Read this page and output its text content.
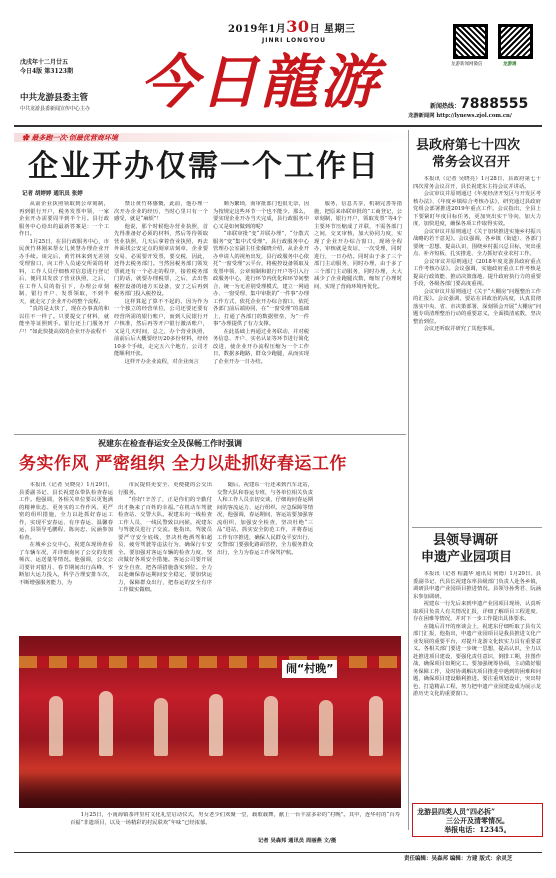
2019年1月30日 星期三
JINRI LONGYOU
龙游新闻网微信	龙游通
戊戌年十二月廿五
今日4版 第3123期
中共龙游县委主管
中共龙游县委新闻宣传中心主办 今日龍游	新闻热线：7888555
龙游新闻网 http://lynews.zjol.com.cn/
✿ 最多跑一次·创最优营商环境
企业开办仅需一个工作日
记者 胡婷婷 通讯员 张婷

从前企业执照领取到公章刻制，再到银行开户，税务发票申领，一家企业开办需要周半到半个月。县行政服务中心给出的最新答案是：一个工作日。

1月25日，在县行政服务中心，市民黄竹林刚来帮女儿黄慧办理企业开办手续。谈完后，黄竹林来到无差别受理窗口，向工作人员递交所需的材料，工作人员仔细核对信息进行登记后，便同其发放了营业执照，之后，在工作人员的指引下，办理公章刻制、银行开户、发票领取，不到半天，就走完了企业开办的整个流程。

“真的是太快了，现在办事真的和以往不一样了。只要提交了材料，就能坐等证照到手。银行还上门服务开户！”如此快捷高效的企业开办流程不

禁让黄竹林感慨，此前，他办理一次开办企业的经历，当时心里只有一个感受，就是“麻烦”！

他说，那个时候他办营业执照，首先得准备好必须的材料，然后等待领取营业执照，几天后拿着营业执照，再去外面找公安定点的刻章店刻章，企业要交易，必需要开发票，要交税，因此，还得去税务部门。当然因税务部门领发票就还有一个必走的程序，接着税务部门的话，就要办理税票，之后，去出售税控设备的地方买设备，安了之后再到税务部门投入税控设。

这样算起了算不不起的，因为作为一个独立的经营单位，公司还要还要有经营所需的银行账户，而到人民银行开户核准，然后再等开户银行激活账户，又是几天时间，总之，办个营业执照，前前后后大概要经历20多份材料，经经10多个手续，走完五六个地方，公司才能顺利开张。

这样开办企业流程，对企业而言

颇为繁琐，而审批部门也很无奈，因为按规定这些环节一个也不能少。那么，要实现企业开办当天完成，县行政服务中心又是如何做到的呢？

“串联审批”变“并联办理”，“分散式服务”变“集中式受理”。县行政服务中心管理办公室副主任张佩晓介绍，从企业开办申请人的视角出发，县行政服务中心依托“一窗受理”云平台，将税控设备领取及发票申领、公章刻制和银行开户等引入行政服务中心，进行环节内优化和环节间整合，统一为无差别受理模式，建立一网通办、一窗受理、集中审批的“一件事”办理工作方式，依托企业开办综合窗口，依托各部门前后端协同，在“一窗受理”的基础上，打通了各部门的数据壁垒，为”一件事”办理提供了有力支撑。

在此基础上再通过业务联动，并对税务信息、开户、实名认证等环节进行简化改进，使企业开办流程压缩为一个工作日，数据多跑路，群众少跑腿，从而实现了企业开办一日办结。

服务，信息共享，机制完善等措施，把原来串联审批的”工商登记，公章刻制，银行开户，领取发票”等4个主要环节压缩成了并联，不需各部门之间，交叉审核，加大协同力度，实现了企业开办综合窗口，现场全程办，审核就是发证，一次受理，同时进行，一日办结。同时由于多了三个部门主动服务，同时办理，由于多了三个部门主动服务，同时办理，大大减少了企业跑腿次数，缩短了办理时间，实现了营商环境再优化。

祝建东在检查春运安全及保畅工作时强调
务实作风 严密组织 全力以赴抓好春运工作

本报讯（记者 吴晓亮）1月29日，县委副书记、县长祝建东带队检查春运工作。他强调，各相关单位要以更饱满的精神状态、更务实的工作作风、更严密的组织措施，全力以赴抓好春运工作，实现平安春运、有序春运、温馨春运，县领导毛鹏程、陈向忠、民涵参加检查。

在城乡公交中心，祝建东现场查看了车辆车况，并详细询问了公交的发班频次、运送量等情况。他强调，公交公司要针对腊月、春节期间出行高峰，不断加大运力投入，科学合理安排车次，不断增强服务能力，为

市民提供更安全、更便捷的公交出行服务。

“你好!辛苦了，正是你们的辛勤付出才换来了百姓的幸福。”在机动车驾驶检查站、交警大队。祝建东向一线检查工作人员，一线民警致以问候。祝建东与驾驶员进行了交流。他指出，驾驶员要严守安全底线，坚决杜绝酒驾和超员、疲劳驾驶等违法行为，确保行车安全。要加强对客运车辆的检查力度，坚决做好各项安全措施。客运公司要开展安全自查，把各项措施落实到位。全力以赴确保春运期间安全稳定，要加快运力，保障群众出行，把春运的安全有序工作做实做细。

随后，祝建东一行还来到汽车北站，交警大队和春运专班，与各单位相关负责人和工作人员亲切交谈，仔细询问春运期间的客流运力、运行组织、应急保障等情况，他强调，春运期间，客运站要加强客流组织，加强安全检查，坚决杜绝“三品”进站，抓实安全防范工作，并将春运工作有序推进，确保人民群众平安出行，交警部门要强化路面管控，全力服务群众出行，全力为春运工作保驾护航。

闹“村晚”

1月25日，小南海镇茶坪里村文化礼堂启动仪式，男女老少们欢聚一堂，载歌载舞，献上一台丰富多彩的“村晚”。其中，连华村的“百寿百福”非遗项目，以及一场精彩的村民联欢“年味”已经浓郁。

记者 吴森邦 通讯员 周丽燕 文/摄
县政府第七十四次
常务会议召开

本报讯（记者 吴晓亮）1月28日，县政府第七十四次常务会议召开，县长祝建东主持会议并讲话。

会议审议并原则通过《年度经济开发区与开发区考核办法》、《年度乡镇综合考核办法》，研究通过县政府党组会部署推进2019年重点工作。会议指出，全县上下要紧盯年度目标任务，更加突出实干导向，加大力度、加快进度，确保各项工作取得实效。

会议审议并原则通过《关于加快推进实施乡村振兴战略的若干意见》。会议强调，各乡镇（街道）、各部门要统一思想、提高认识，围绕乡村振兴总目标，突出重点、补齐短板、扎实推进、全力抓好农业农村工作。

会议审议并原则通过《2018年度龙游县政府重点工作考核办法》。会议强调，实施政府重点工作考核是提高行政效能、推动决策落地、提升政府执行力的重要手段，各级各部门要高度重视。

会议审议并原则通过《关于“大棚房”问题整治工作的汇报》。会议强调，要站在讲政治的高度，认真贯彻落实中央、省、市决策部署，深刻领会开展“大棚房”问题专项清理整治行动的重要意义，全面摸清底数，坚决整治到位。

会议还听取并研究了其他事项。

县领导调研
申遗产业园项目

本报讯（记者 程鑫华 通讯员 何德）1月29日，县委副书记、代县长祝建东率县级部门负责人赴各乡镇，调研县申遗产业园项目推进情况。县领导孙秀君、阮涵东参加调研。

祝建东一行先后来到申遗产业园项目现场，认真听取项目负责人有关情况汇报，详细了解项目工程进度、存在困难等情况，并对下一步工作提出具体要求。

在随后召开的座谈会上，祝建东仔细听取了县有关部门汇报，他指出，申遗产业园项目是我县推进文化产业发展的重要平台，对提升龙游文化软实力具有重要意义。各相关部门要进一步统一思想，提高认识，全力以赴推进项目建设，要强化责任意识，倒排工期，挂图作战，确保项目如期完工。要加强统筹协调，主动做好服务保障工作，及时协调解决项目推进中遇到的困难和问题，确保项目建设顺利推进。要注重规划设计，突出特色，打造精品工程，努力把申遗产业园建设成为展示龙游历史文化的重要窗口。

龙游县四类人员“四必拆”
三公开及清零情况。
举报电话：12345。
责任编辑：吴森邦 编辑：方建 版式：余灵芝
